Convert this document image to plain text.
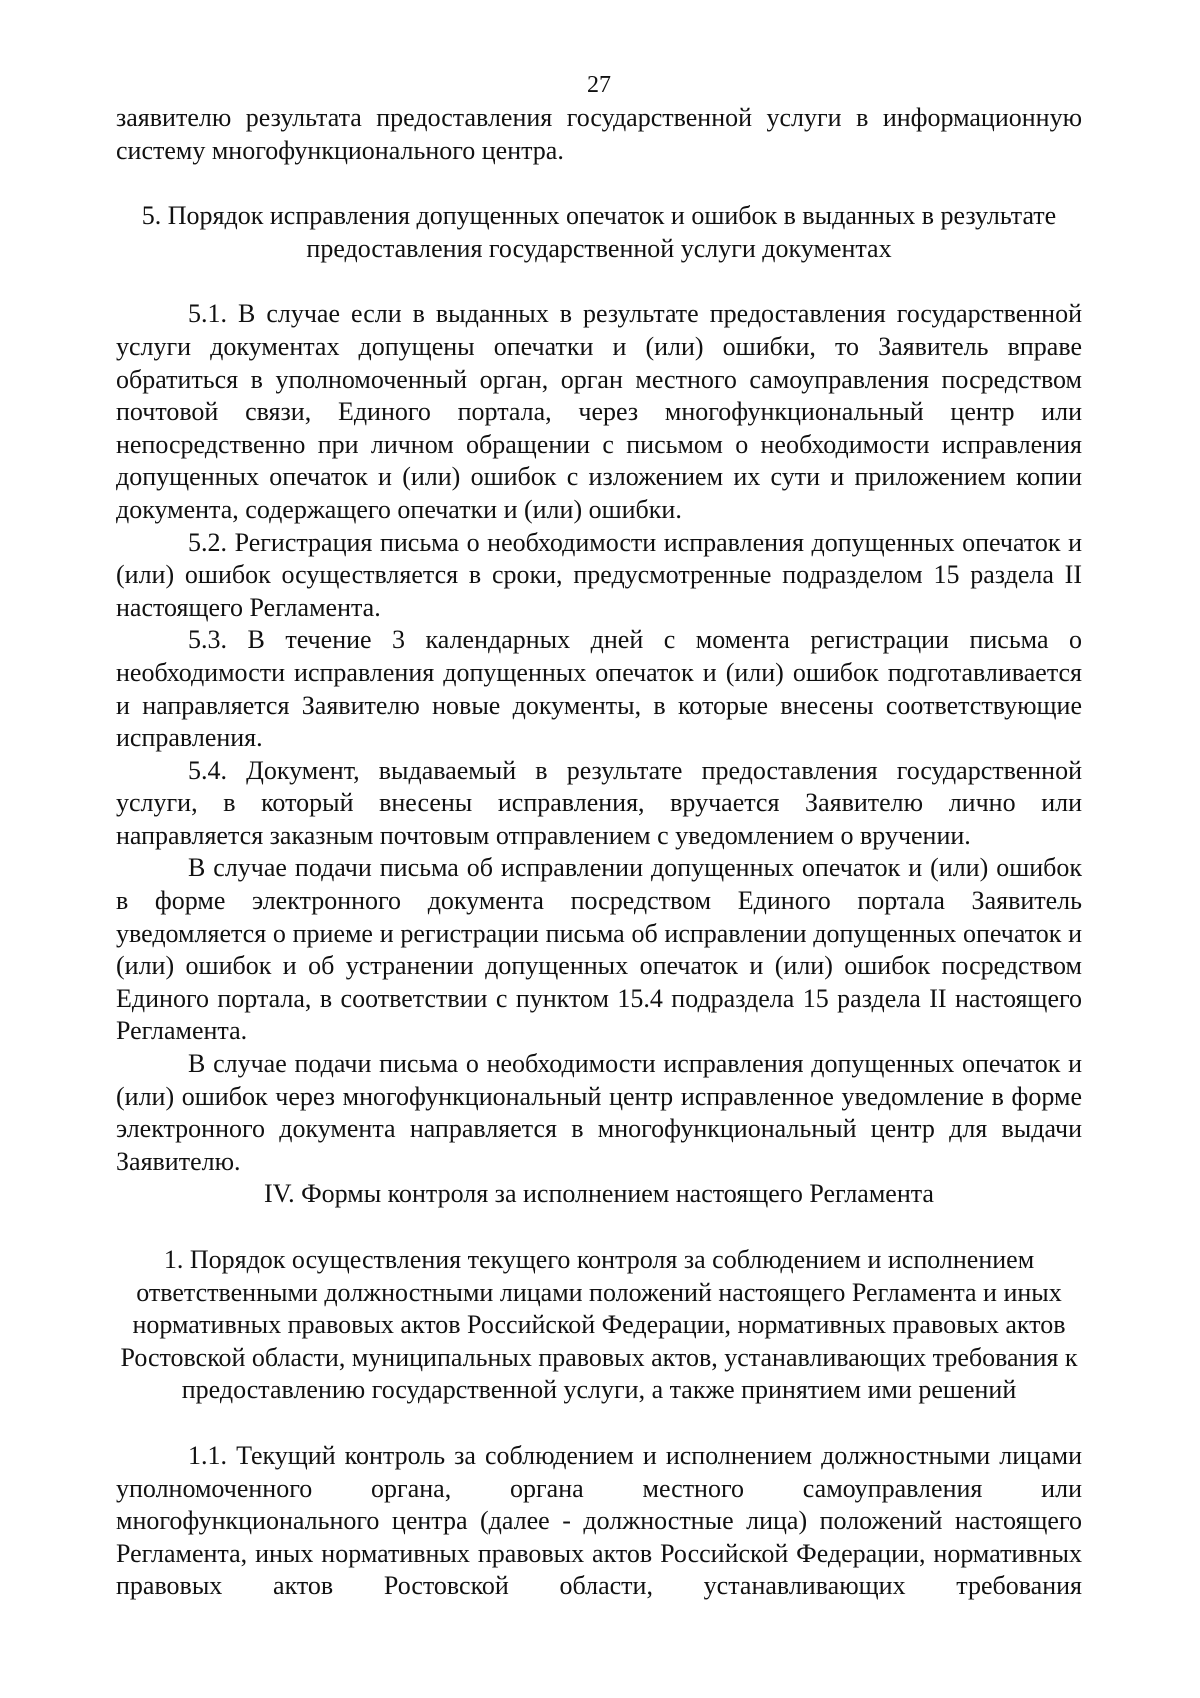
27

заявителю результата предоставления государственной услуги в информационную систему многофункционального центра.

5. Порядок исправления допущенных опечаток и ошибок в выданных в результате предоставления государственной услуги документах

5.1. В случае если в выданных в результате предоставления государственной услуги документах допущены опечатки и (или) ошибки, то Заявитель вправе обратиться в уполномоченный орган, орган местного самоуправления посредством почтовой связи, Единого портала, через многофункциональный центр или непосредственно при личном обращении с письмом о необходимости исправления допущенных опечаток и (или) ошибок с изложением их сути и приложением копии документа, содержащего опечатки и (или) ошибки.

5.2. Регистрация письма о необходимости исправления допущенных опечаток и (или) ошибок осуществляется в сроки, предусмотренные подразделом 15 раздела II настоящего Регламента.

5.3. В течение 3 календарных дней с момента регистрации письма о необходимости исправления допущенных опечаток и (или) ошибок подготавливается и направляется Заявителю новые документы, в которые внесены соответствующие исправления.

5.4. Документ, выдаваемый в результате предоставления государственной услуги, в который внесены исправления, вручается Заявителю лично или направляется заказным почтовым отправлением с уведомлением о вручении.

В случае подачи письма об исправлении допущенных опечаток и (или) ошибок в форме электронного документа посредством Единого портала Заявитель уведомляется о приеме и регистрации письма об исправлении допущенных опечаток и (или) ошибок и об устранении допущенных опечаток и (или) ошибок посредством Единого портала, в соответствии с пунктом 15.4 подраздела 15 раздела II настоящего Регламента.

В случае подачи письма о необходимости исправления допущенных опечаток и (или) ошибок через многофункциональный центр исправленное уведомление в форме электронного документа направляется в многофункциональный центр для выдачи Заявителю.

IV. Формы контроля за исполнением настоящего Регламента

1. Порядок осуществления текущего контроля за соблюдением и исполнением ответственными должностными лицами положений настоящего Регламента и иных нормативных правовых актов Российской Федерации, нормативных правовых актов Ростовской области, муниципальных правовых актов, устанавливающих требования к предоставлению государственной услуги, а также принятием ими решений

1.1. Текущий контроль за соблюдением и исполнением должностными лицами уполномоченного органа, органа местного самоуправления или многофункционального центра (далее - должностные лица) положений настоящего Регламента, иных нормативных правовых актов Российской Федерации, нормативных правовых актов Ростовской области, устанавливающих требования
